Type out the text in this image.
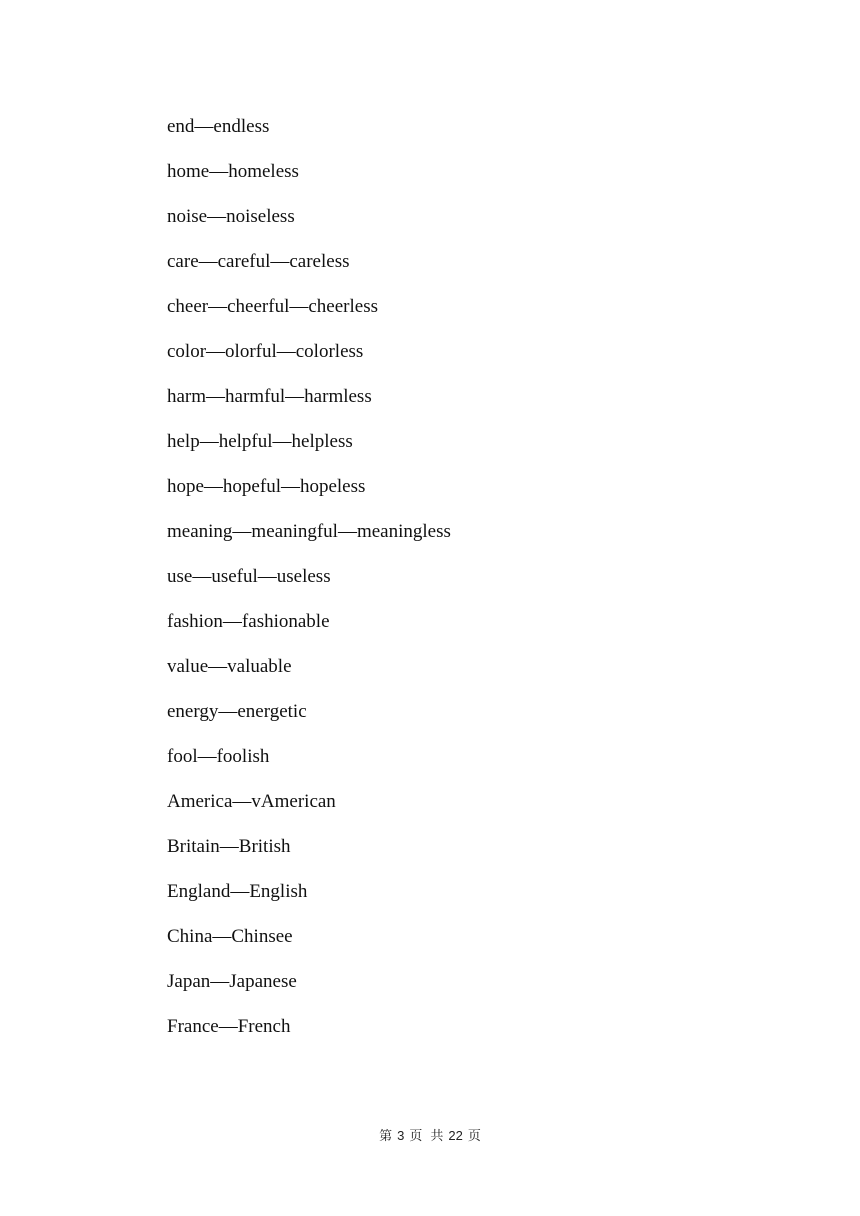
end—endless
home—homeless
noise—noiseless
care—careful—careless
cheer—cheerful—cheerless
color—olorful—colorless
harm—harmful—harmless
help—helpful—helpless
hope—hopeful—hopeless
meaning—meaningful—meaningless
use—useful—useless
fashion—fashionable
value—valuable
energy—energetic
fool—foolish
America—vAmerican
Britain—British
England—English
China—Chinsee
Japan—Japanese
France—French
第 3 页 共 22 页
